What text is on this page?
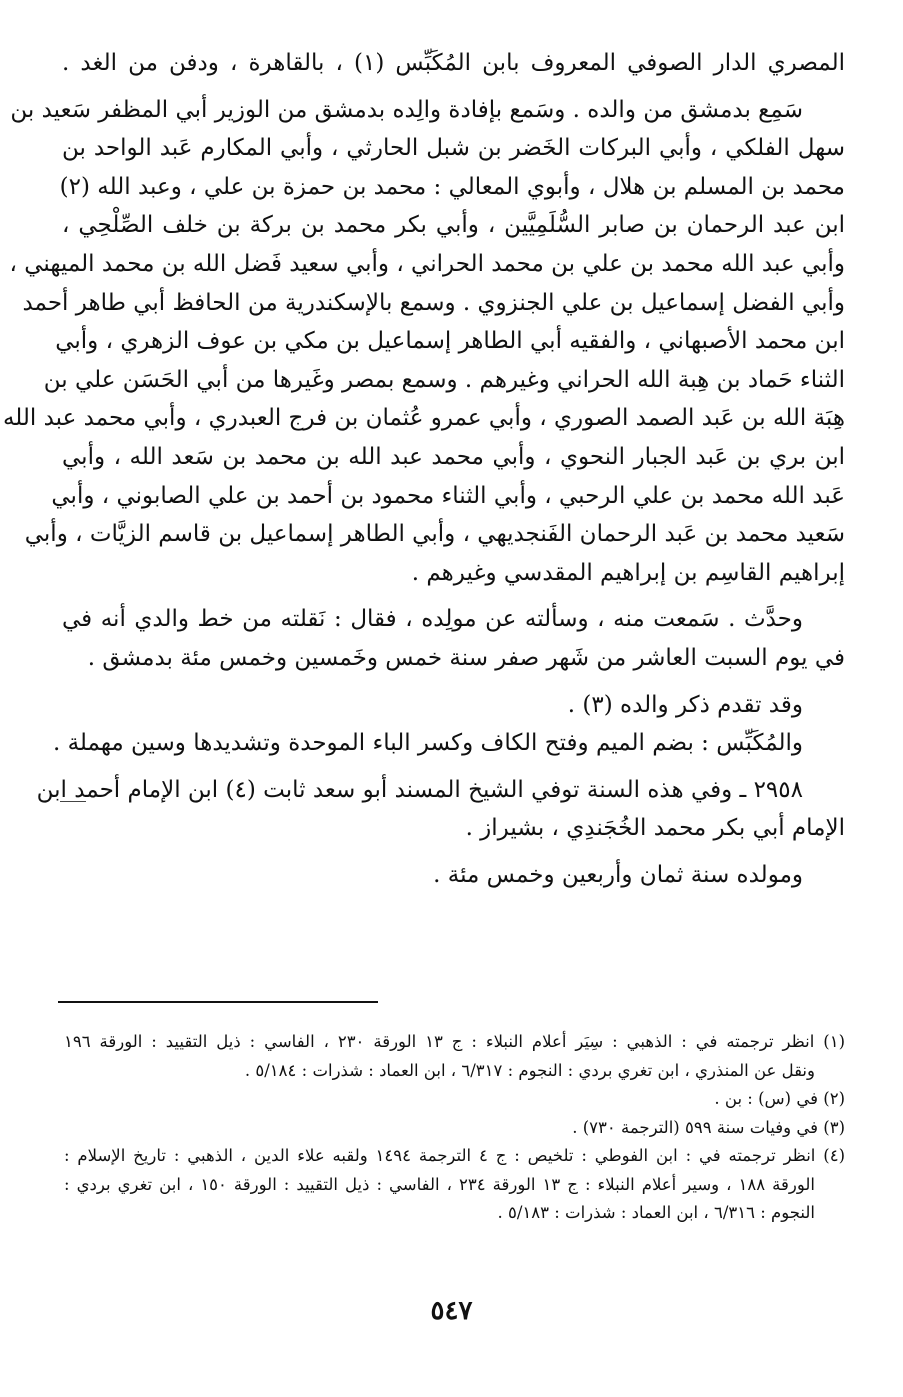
المصري الدار الصوفي المعروف بابن المُكَبِّس (١) ، بالقاهرة ، ودفن من الغد .
سَمِع بدمشق من والده . وسَمع بإفادة والِده بدمشق من الوزير أبي المظفر سَعيد بن
سهل الفلكي ، وأبي البركات الخَضر بن شبل الحارثي ، وأبي المكارم عَبد الواحد بن
محمد بن المسلم بن هلال ، وأبوي المعالي : محمد بن حمزة بن علي ، وعبد الله (٢)
ابن عبد الرحمان بن صابر السُّلَمِيَّين ، وأبي بكر محمد بن بركة بن خلف الصِّلْحِي ،
وأبي عبد الله محمد بن علي بن محمد الحراني ، وأبي سعيد فَضل الله بن محمد الميهني ،
وأبي الفضل إسماعيل بن علي الجنزوي . وسمع بالإسكندرية من الحافظ أبي طاهر أحمد
ابن محمد الأصبهاني ، والفقيه أبي الطاهر إسماعيل بن مكي بن عوف الزهري ، وأبي
الثناء حَماد بن هِبة الله الحراني وغيرهم . وسمع بمصر وغَيرها من أبي الحَسَن علي بن
هِبَة الله بن عَبد الصمد الصوري ، وأبي عمرو عُثمان بن فرج العبدري ، وأبي محمد عبد الله
ابن بري بن عَبد الجبار النحوي ، وأبي محمد عبد الله بن محمد بن سَعد الله ، وأبي
عَبد الله محمد بن علي الرحبي ، وأبي الثناء محمود بن أحمد بن علي الصابوني ، وأبي
سَعيد محمد بن عَبد الرحمان الفَنجديهي ، وأبي الطاهر إسماعيل بن قاسم الزيَّات ، وأبي
إبراهيم القاسِم بن إبراهيم المقدسي وغيرهم .
وحدَّث . سَمعت منه ، وسألته عن مولِده ، فقال : نَقلته من خط والدي أنه في
في يوم السبت العاشر من شَهر صفر سنة خمس وخَمسين وخمس مئة بدمشق .
وقد تقدم ذكر والده (٣) .
والمُكَبِّس : بضم الميم وفتح الكاف وكسر الباء الموحدة وتشديدها وسين مهملة .
٢٩٥٨ ـ وفي هذه السنة توفي الشيخ المسند أبو سعد ثابت (٤) ابن الإمام أحمد ابن
الإمام أبي بكر محمد الخُجَندِي ، بشيراز .
ومولده سنة ثمان وأربعين وخمس مئة .
(١) انظر ترجمته في : الذهبي : سِيَر أعلام النبلاء : ج ١٣ الورقة ٢٣٠ ، الفاسي : ذيل التقييد : الورقة ١٩٦
ونقل عن المنذري ، ابن تغري بردي : النجوم : ٦/٣١٧ ، ابن العماد : شذرات : ٥/١٨٤ .
(٢) في (س) : بن .
(٣) في وفيات سنة ٥٩٩ (الترجمة ٧٣٠) .
(٤) انظر ترجمته في : ابن الفوطي : تلخيص : ج ٤ الترجمة ١٤٩٤ ولقبه علاء الدين ، الذهبي : تاريخ الإسلام :
الورقة ١٨٨ ، وسير أعلام النبلاء : ج ١٣ الورقة ٢٣٤ ، الفاسي : ذيل التقييد : الورقة ١٥٠ ، ابن تغري بردي :
النجوم : ٦/٣١٦ ، ابن العماد : شذرات : ٥/١٨٣ .
٥٤٧
